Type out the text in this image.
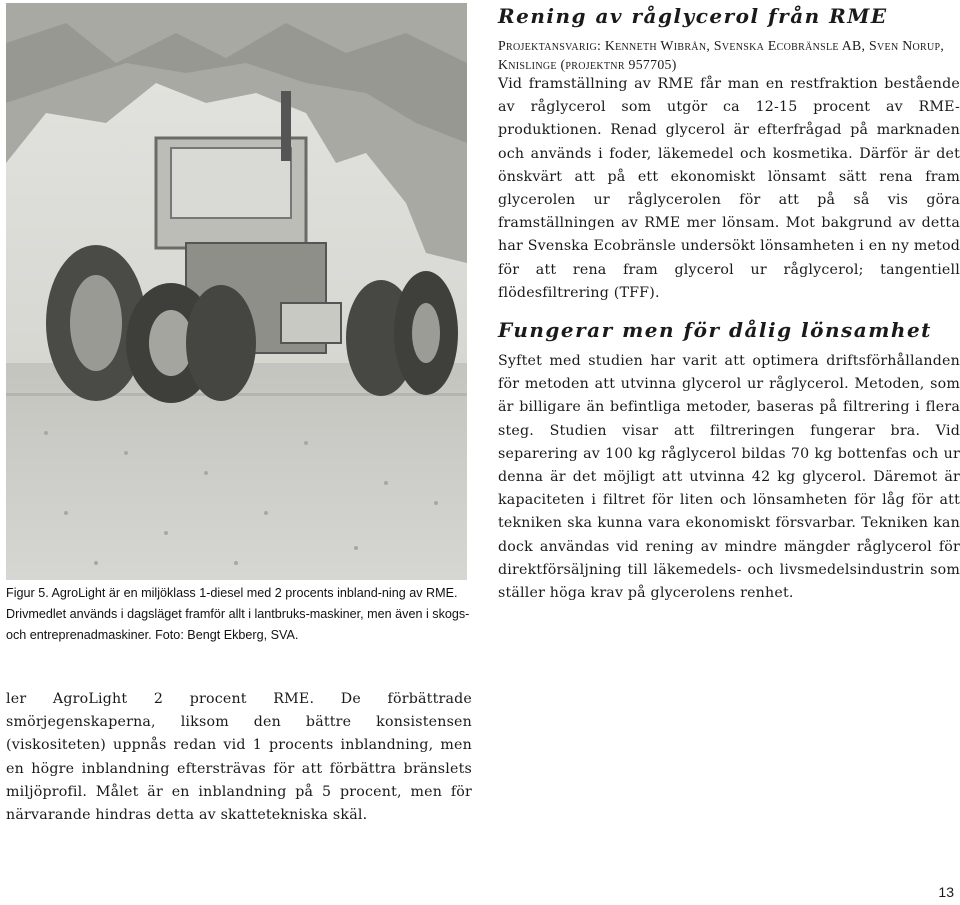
Figur 5. AgroLight är en miljöklass 1-diesel med 2 procents inbland-ning av RME. Drivmedlet används i dagsläget framför allt i lantbruks-maskiner, men även i skogs- och entreprenadmaskiner. Foto: Bengt Ekberg, SVA.

Rening av råglycerol från RME
Projektansvarig: Kenneth Wibrån, Svenska Ecobränsle AB, Sven Norup, Knislinge (projektnr 957705)

Vid framställning av RME får man en restfraktion bestående av råglycerol som utgör ca 12-15 procent av RME-produktionen. Renad glycerol är efterfrågad på marknaden och används i foder, läkemedel och kosmetika. Därför är det önskvärt att på ett ekonomiskt lönsamt sätt rena fram glycerolen ur råglycerolen för att på så vis göra framställningen av RME mer lönsam. Mot bakgrund av detta har Svenska Ecobränsle undersökt lönsamheten i en ny metod för att rena fram glycerol ur råglycerol; tangentiell flödesfiltrering (TFF).

Fungerar men för dålig lönsamhet

Syftet med studien har varit att optimera driftsförhållanden för metoden att utvinna glycerol ur råglycerol. Metoden, som är billigare än befintliga metoder, baseras på filtrering i flera steg. Studien visar att filtreringen fungerar bra. Vid separering av 100 kg råglycerol bildas 70 kg bottenfas och ur denna är det möjligt att utvinna 42 kg glycerol. Däremot är kapaciteten i filtret för liten och lönsamheten för låg för att tekniken ska kunna vara ekonomiskt försvarbar. Tekniken kan dock användas vid rening av mindre mängder råglycerol för direktförsäljning till läkemedels- och livsmedelsindustrin som ställer höga krav på glycerolens renhet.

ler AgroLight 2 procent RME. De förbättrade smörjegenskaperna, liksom den bättre konsistensen (viskositeten) uppnås redan vid 1 procents inblandning, men en högre inblandning eftersträvas för att förbättra bränslets miljöprofil. Målet är en inblandning på 5 procent, men för närvarande hindras detta av skattetekniska skäl.

13
